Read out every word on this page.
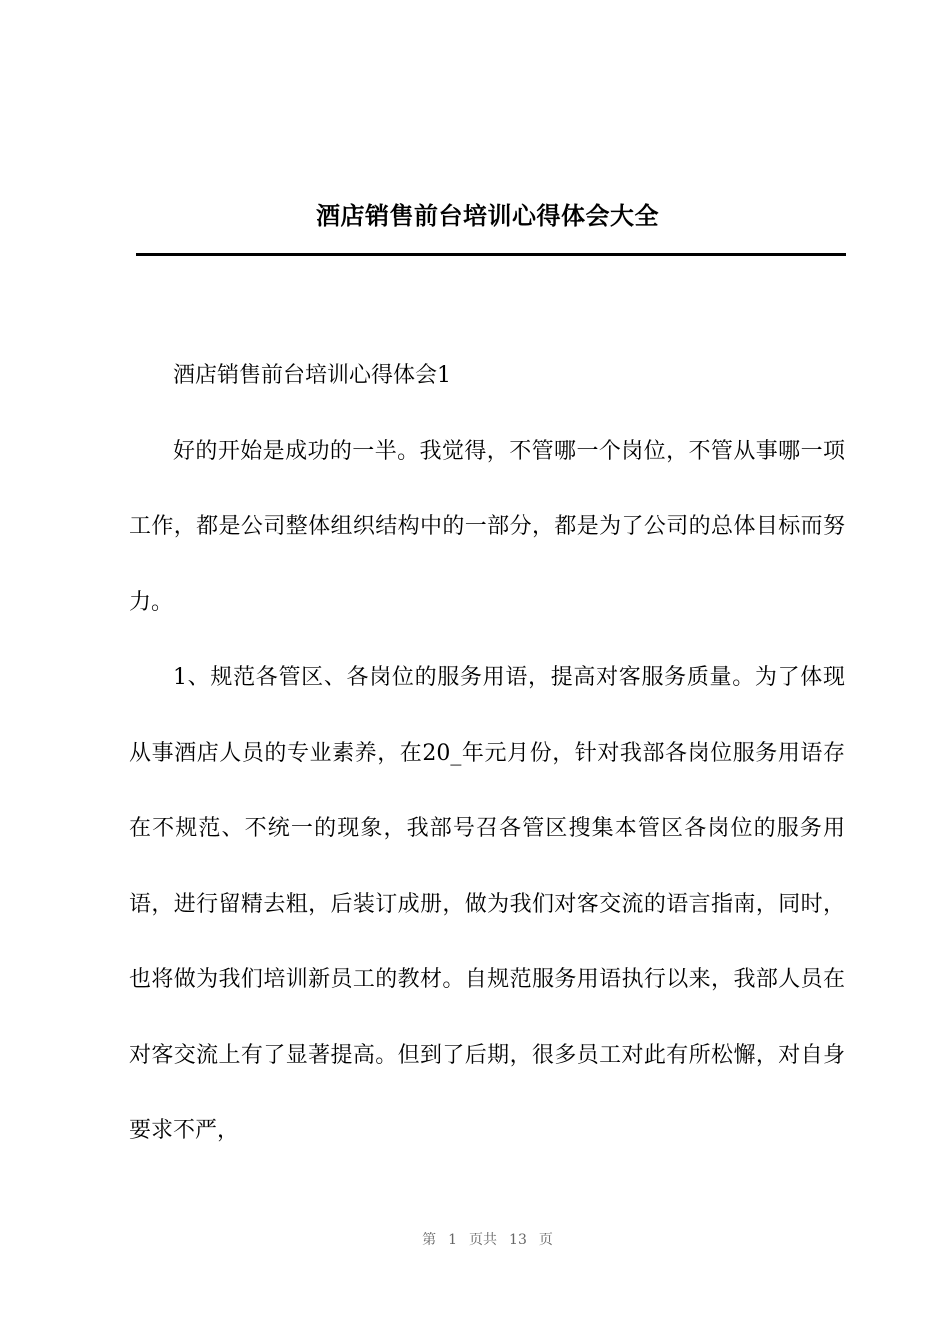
酒店销售前台培训心得体会大全

酒店销售前台培训心得体会1

好的开始是成功的一半。我觉得，不管哪一个岗位，不管从事哪一项工作，都是公司整体组织结构中的一部分，都是为了公司的总体目标而努力。

1、规范各管区、各岗位的服务用语，提高对客服务质量。为了体现从事酒店人员的专业素养，在20_年元月份，针对我部各岗位服务用语存在不规范、不统一的现象，我部号召各管区搜集本管区各岗位的服务用语，进行留精去粗，后装订成册，做为我们对客交流的语言指南，同时，也将做为我们培训新员工的教材。自规范服务用语执行以来，我部人员在对客交流上有了显著提高。但到了后期，很多员工对此有所松懈，对自身要求不严，

第 1 页共 13 页
